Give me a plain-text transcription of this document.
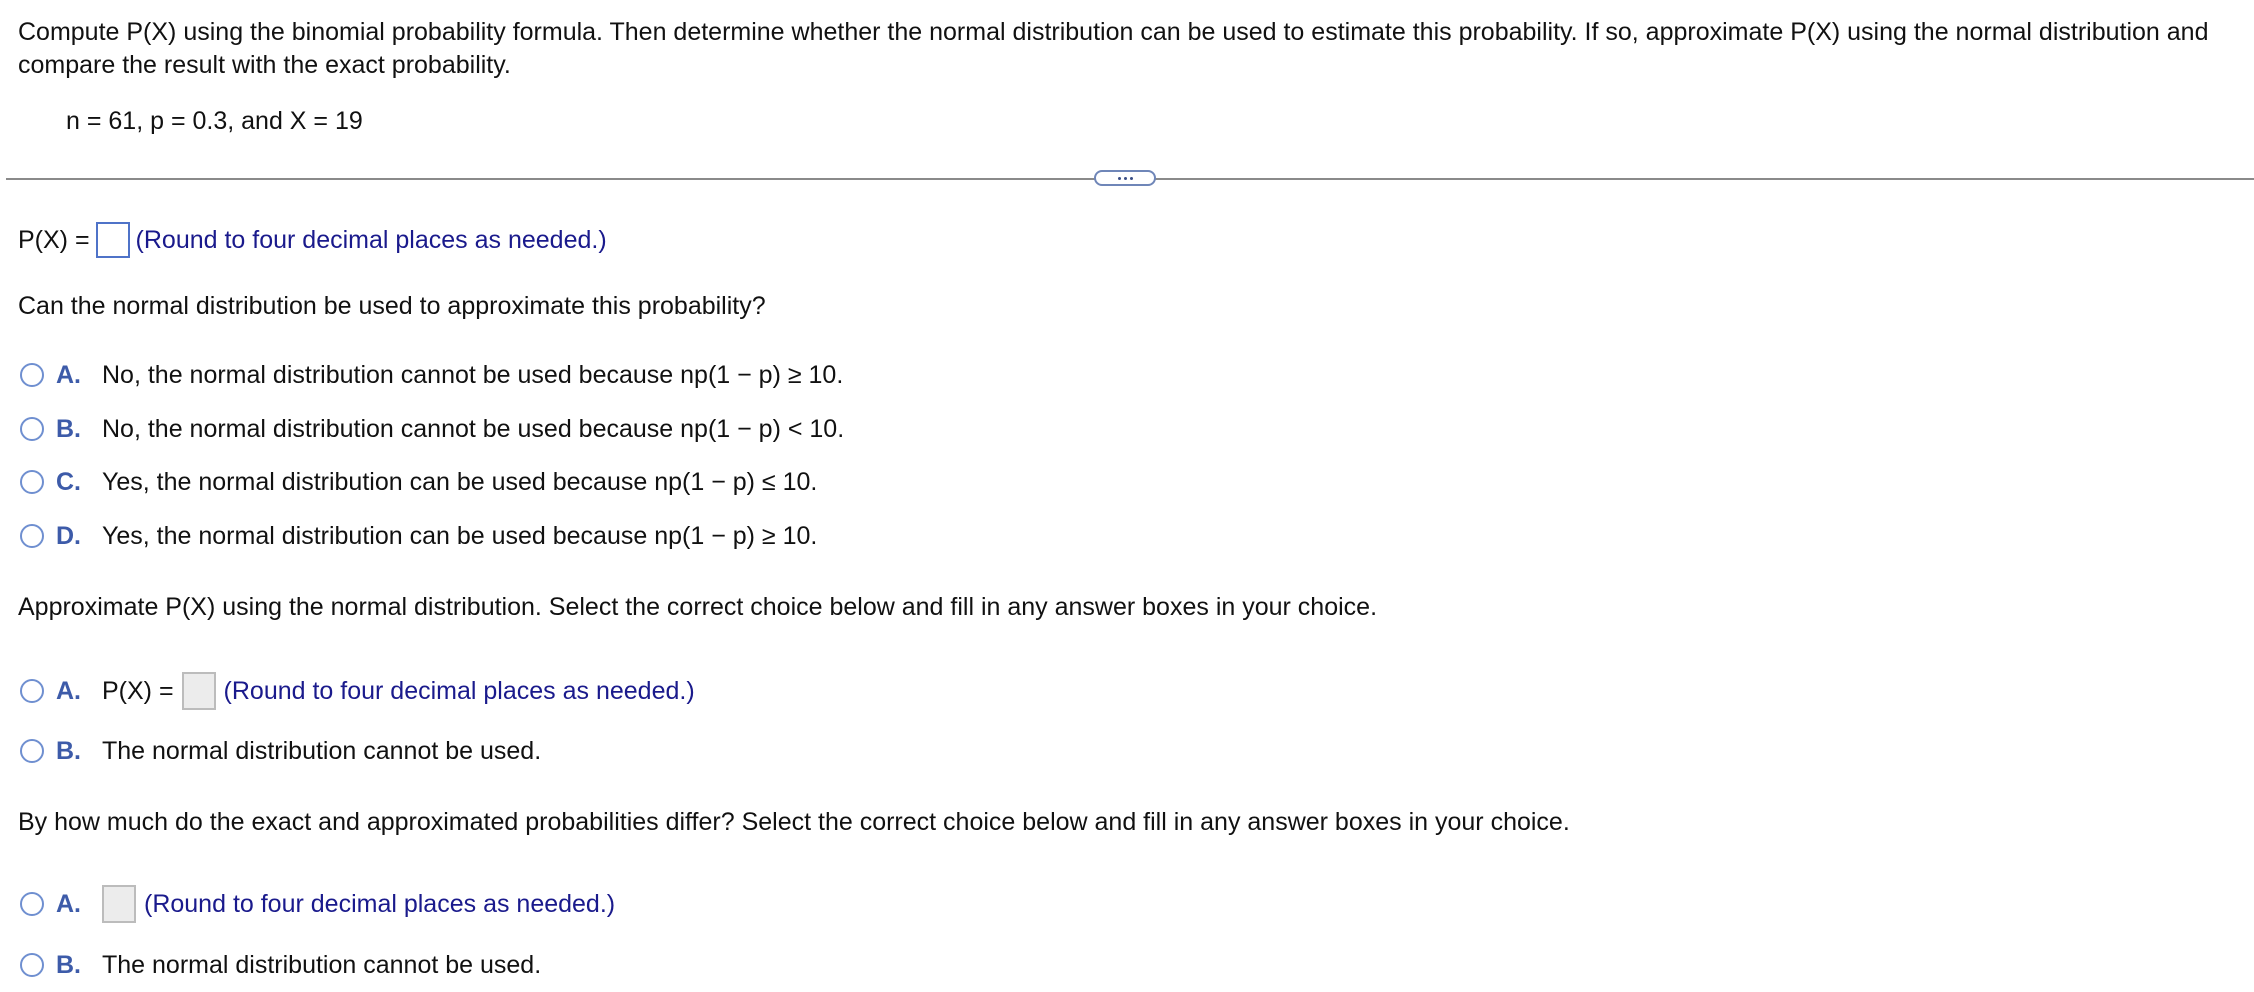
Compute P(X) using the binomial probability formula. Then determine whether the normal distribution can be used to estimate this probability. If so, approximate P(X) using the normal distribution and compare the result with the exact probability.
n = 61, p = 0.3, and X = 19
P(X) = (Round to four decimal places as needed.)
Can the normal distribution be used to approximate this probability?
A. No, the normal distribution cannot be used because np(1 − p) ≥ 10.
B. No, the normal distribution cannot be used because np(1 − p) < 10.
C. Yes, the normal distribution can be used because np(1 − p) ≤ 10.
D. Yes, the normal distribution can be used because np(1 − p) ≥ 10.
Approximate P(X) using the normal distribution. Select the correct choice below and fill in any answer boxes in your choice.
A. P(X) = (Round to four decimal places as needed.)
B. The normal distribution cannot be used.
By how much do the exact and approximated probabilities differ? Select the correct choice below and fill in any answer boxes in your choice.
A.	(Round to four decimal places as needed.)
B. The normal distribution cannot be used.
